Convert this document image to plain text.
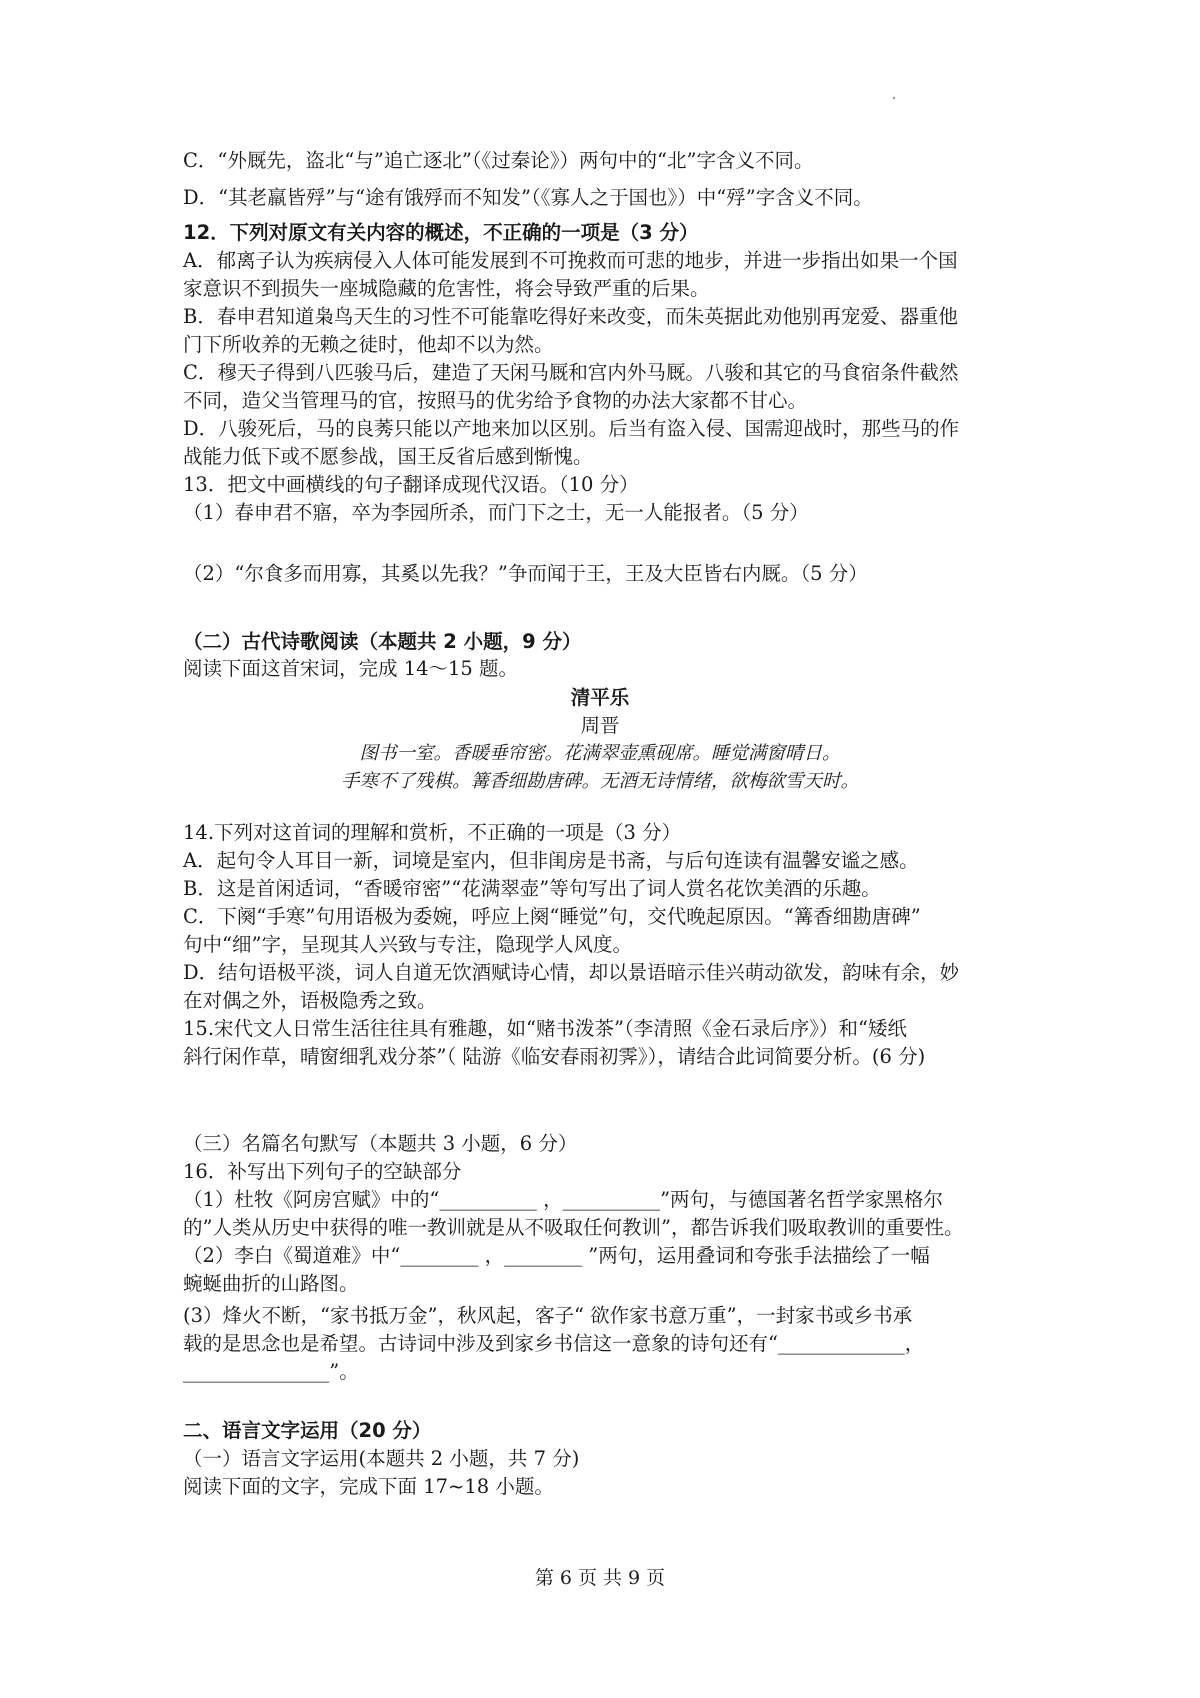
C．“外厩先，盗北“与”追亡逐北”（《过秦论》）两句中的“北”字含义不同。
D．“其老羸皆殍”与“途有饿殍而不知发”（《寡人之于国也》）中“殍”字含义不同。
12．下列对原文有关内容的概述，不正确的一项是（3 分）
A．郁离子认为疾病侵入人体可能发展到不可挽救而可悲的地步，并进一步指出如果一个国
家意识不到损失一座城隐藏的危害性，将会导致严重的后果。
B．春申君知道枭鸟天生的习性不可能靠吃得好来改变，而朱英据此劝他别再宠爱、器重他
门下所收养的无赖之徒时，他却不以为然。
C．穆天子得到八匹骏马后，建造了天闲马厩和宫内外马厩。八骏和其它的马食宿条件截然
不同，造父当管理马的官，按照马的优劣给予食物的办法大家都不甘心。
D．八骏死后，马的良莠只能以产地来加以区别。后当有盗入侵、国需迎战时，那些马的作
战能力低下或不愿参战，国王反省后感到惭愧。
13．把文中画横线的句子翻译成现代汉语。（10 分）
（1）春申君不寤，卒为李园所杀，而门下之士，无一人能报者。（5 分）
（2）“尔食多而用寡，其奚以先我？”争而闻于王，王及大臣皆右内厩。（5 分）
（二）古代诗歌阅读（本题共 2 小题，9 分）
阅读下面这首宋词，完成 14～15 题。
清平乐
周晋
图书一室。香暖垂帘密。花满翠壶熏砚席。睡觉满窗晴日。
手寒不了残棋。篝香细勘唐碑。无酒无诗情绪，欲梅欲雪天时。
14.下列对这首词的理解和赏析，不正确的一项是（3 分）
A．起句令人耳目一新，词境是室内，但非闺房是书斋，与后句连读有温馨安谧之感。
B．这是首闲适词，“香暖帘密”“花满翠壶”等句写出了词人赏名花饮美酒的乐趣。
C．下阕“手寒”句用语极为委婉，呼应上阕“睡觉”句，交代晚起原因。“篝香细勘唐碑”
句中“细”字，呈现其人兴致与专注，隐现学人风度。
D．结句语极平淡，词人自道无饮酒赋诗心情，却以景语暗示佳兴萌动欲发，韵味有余，妙
在对偶之外，语极隐秀之致。
15.宋代文人日常生活往往具有雅趣，如“赌书泼茶”（李清照《金石录后序》）和“矮纸
斜行闲作草，晴窗细乳戏分茶”（ 陆游《临安春雨初霁》），请结合此词简要分析。(6 分)
（三）名篇名句默写（本题共 3 小题，6 分）
16．补写出下列句子的空缺部分
（1）杜牧《阿房宫赋》中的“__________ ，__________”两句，与德国著名哲学家黑格尔
的”人类从历史中获得的唯一教训就是从不吸取任何教训”，都告诉我们吸取教训的重要性。
（2）李白《蜀道难》中“________ ，________ ”两句，运用叠词和夸张手法描绘了一幅
蜿蜒曲折的山路图。
(3）烽火不断，“家书抵万金”，秋风起，客子“ 欲作家书意万重”，一封家书或乡书承
载的是思念也是希望。古诗词中涉及到家乡书信这一意象的诗句还有“_____________，
_______________”。
二、语言文字运用（20 分）
（一）语言文字运用(本题共 2 小题，共 7 分)
阅读下面的文字，完成下面 17~18 小题。
第 6 页 共 9 页
